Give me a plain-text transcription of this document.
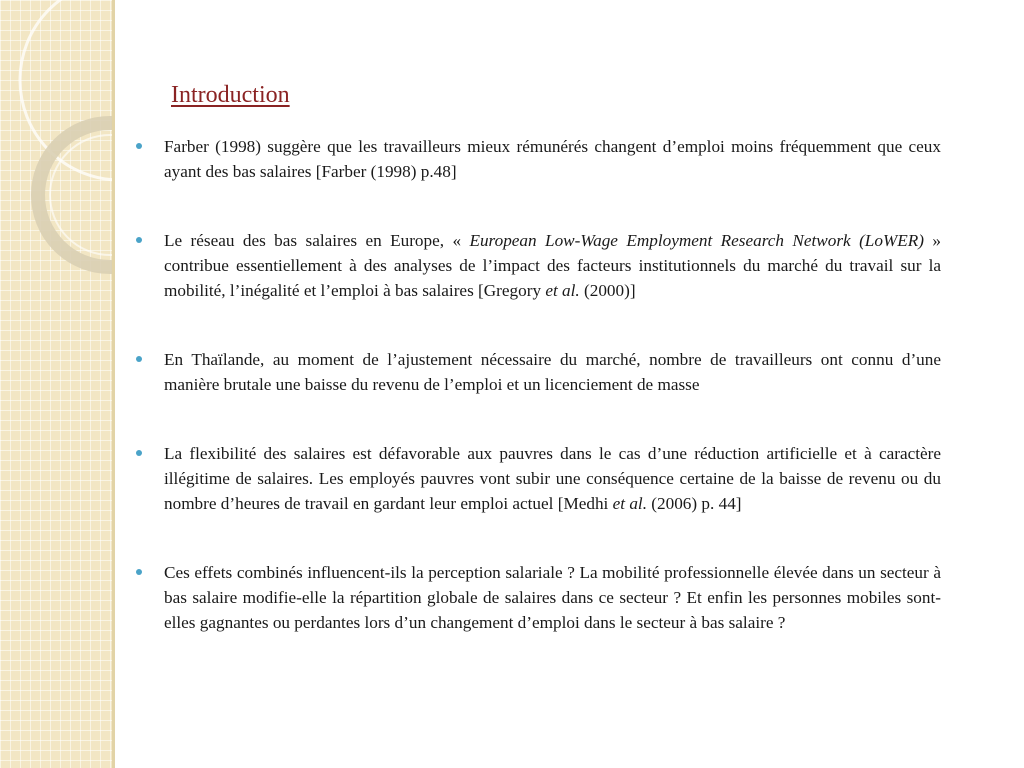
Introduction
Farber (1998) suggère que les travailleurs mieux rémunérés changent d’emploi moins fréquemment que ceux ayant des bas salaires [Farber (1998) p.48]
Le réseau des bas salaires en Europe, « European Low-Wage Employment Research Network (LoWER) » contribue essentiellement à des analyses de l’impact des facteurs institutionnels du marché du travail sur la mobilité, l’inégalité et l’emploi à bas salaires [Gregory et al. (2000)]
En Thaïlande, au moment de l’ajustement nécessaire du marché, nombre de travailleurs ont connu d’une manière brutale une baisse du revenu de l’emploi et un licenciement de masse
La flexibilité des salaires est défavorable aux pauvres dans le cas d’une réduction artificielle et à caractère illégitime de salaires. Les employés pauvres vont subir une conséquence certaine de la baisse de revenu ou du nombre d’heures de travail en gardant leur emploi actuel [Medhi et al. (2006) p. 44]
Ces effets combinés influencent-ils la perception salariale ? La mobilité professionnelle élevée dans un secteur à bas salaire modifie-elle la répartition globale de salaires dans ce secteur ? Et enfin les personnes mobiles sont-elles gagnantes ou perdantes lors d’un changement d’emploi dans le secteur à bas salaire ?
